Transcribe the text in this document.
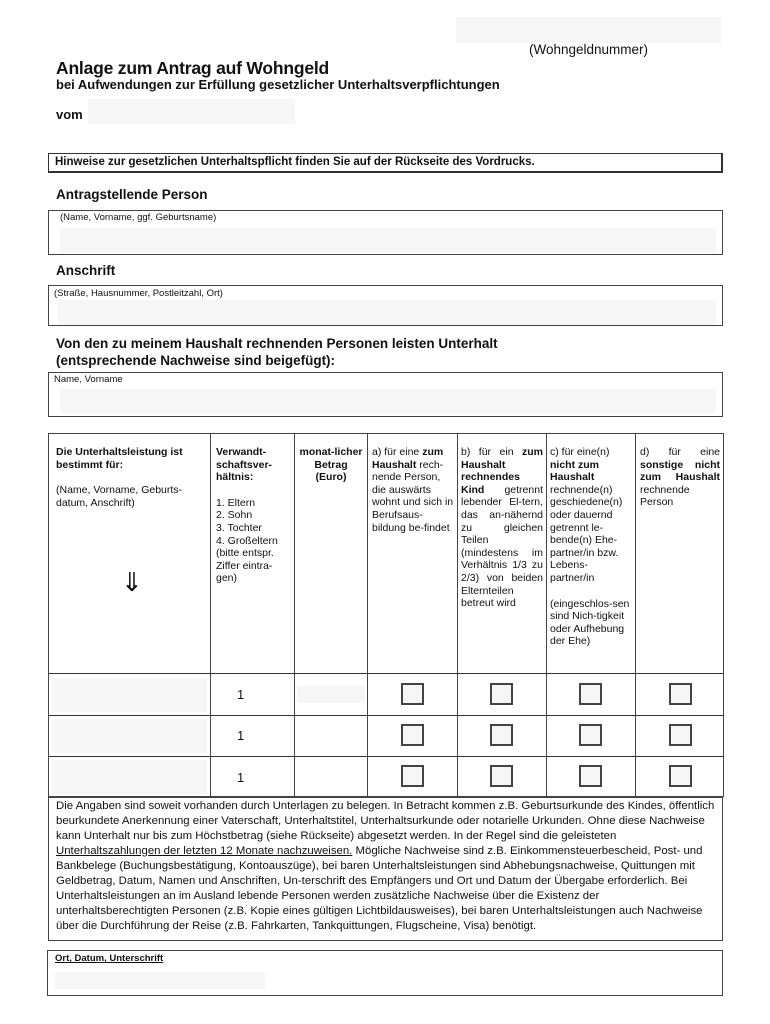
(Wohngeldnummer)
Anlage zum Antrag auf Wohngeld
bei Aufwendungen zur Erfüllung gesetzlicher Unterhaltsverpflichtungen
vom
Hinweise zur gesetzlichen Unterhaltspflicht finden Sie auf der Rückseite des Vordrucks.
Antragstellende Person
(Name, Vorname, ggf. Geburtsname)
Anschrift
(Straße, Hausnummer, Postleitzahl, Ort)
Von den zu meinem Haushalt rechnenden Personen leisten Unterhalt
(entsprechende Nachweise sind beigefügt):
Name, Vorname
Die Unterhaltsleistung ist bestimmt für:
(Name, Vorname, Geburts-datum, Anschrift)
⇓
Verwandt-schaftsver-hältnis:
1. Eltern
2. Sohn
3. Tochter
4. Großeltern
(bitte entspr. Ziffer eintra-gen)
monat-licher Betrag (Euro)
a) für eine zum Haushalt rech-nende Person, die auswärts wohnt und sich in Berufsaus-bildung be-findet
b) für ein zum Haushalt rechnendes Kind getrennt lebender El-tern, das an-nähernd zu gleichen Teilen (mindestens im Verhältnis 1/3 zu 2/3) von beiden Elternteilen betreut wird
c) für eine(n) nicht zum Haushalt rechnende(n) geschiedene(n) oder dauernd getrennt le-bende(n) Ehe-partner/in bzw. Lebens-partner/in
(eingeschlos-sen sind Nich-tigkeit oder Aufhebung der Ehe)
d) für eine sonstige nicht zum Haushalt rechnende Person
1
1
1
Die Angaben sind soweit vorhanden durch Unterlagen zu belegen. In Betracht kommen z.B. Geburtsurkunde des Kindes, öffentlich beurkundete Anerkennung einer Vaterschaft, Unterhaltstitel, Unterhaltsurkunde oder notarielle Urkunden. Ohne diese Nachweise kann Unterhalt nur bis zum Höchstbetrag (siehe Rückseite) abgesetzt werden. In der Regel sind die geleisteten Unterhaltszahlungen der letzten 12 Monate nachzuweisen. Mögliche Nachweise sind z.B. Einkommensteuerbescheid, Post- und Bankbelege (Buchungsbestätigung, Kontoauszüge), bei baren Unterhaltsleistungen sind Abhebungsnachweise, Quittungen mit Geldbetrag, Datum, Namen und Anschriften, Un-terschrift des Empfängers und Ort und Datum der Übergabe erforderlich. Bei Unterhaltsleistungen an im Ausland lebende Personen werden zusätzliche Nachweise über die Existenz der unterhaltsberechtigten Personen (z.B. Kopie eines gültigen Lichtbildausweises), bei baren Unterhaltsleistungen auch Nachweise über die Durchführung der Reise (z.B. Fahrkarten, Tankquittungen, Flugscheine, Visa) benötigt.
Ort, Datum, Unterschrift
